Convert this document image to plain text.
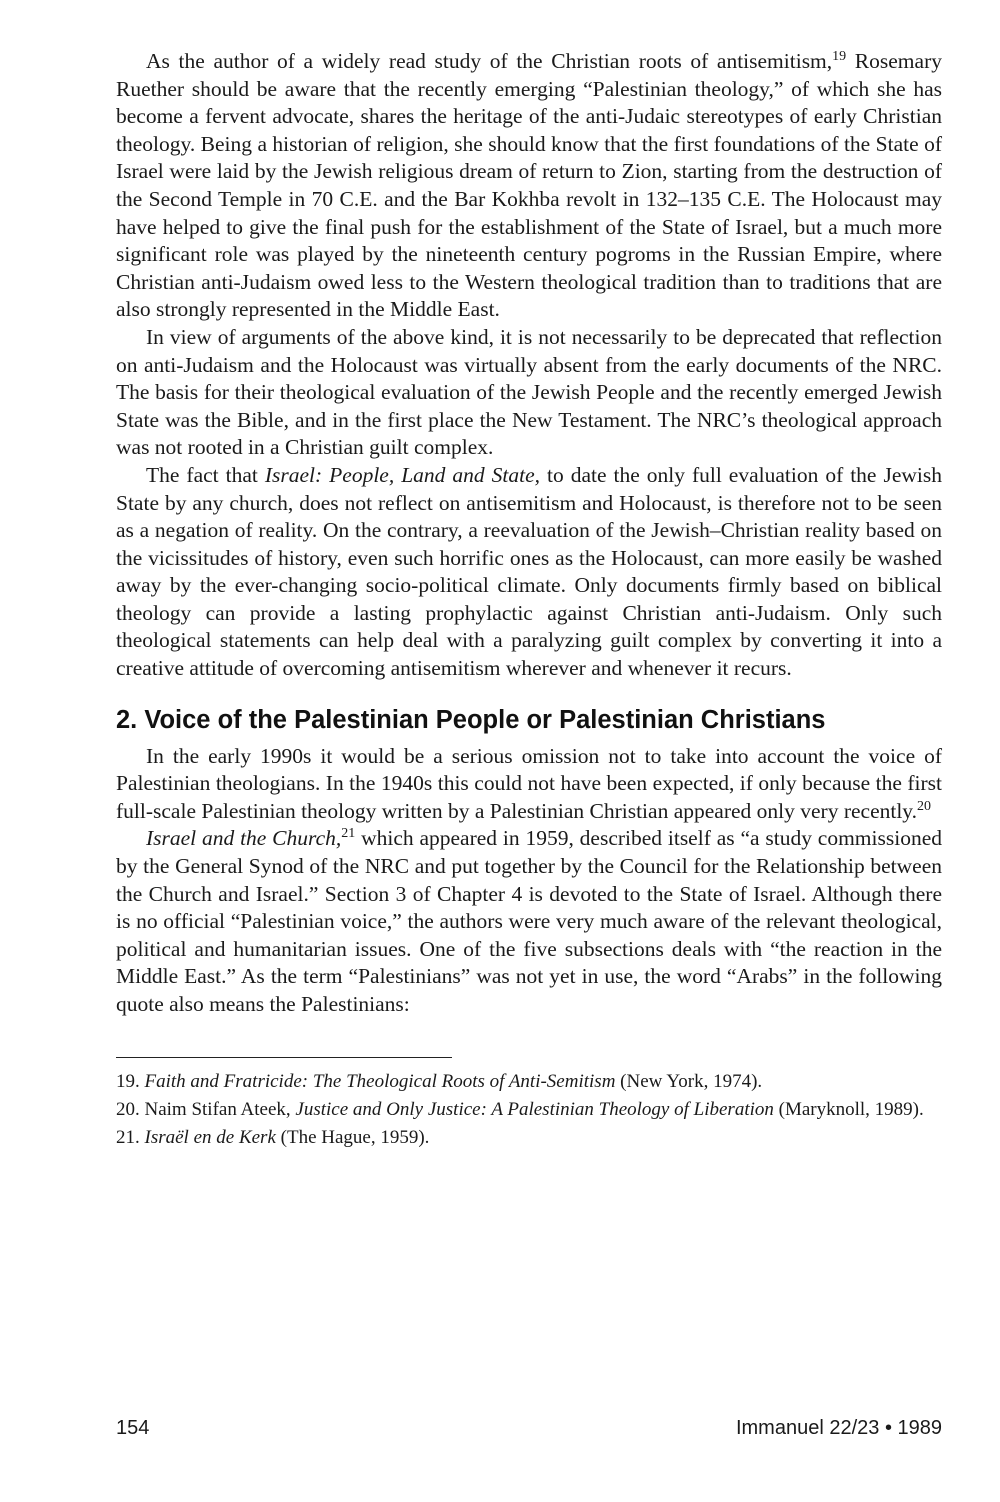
As the author of a widely read study of the Christian roots of antisemitism,$^{19}$ Rosemary Ruether should be aware that the recently emerging “Palestinian theology,” of which she has become a fervent advocate, shares the heritage of the anti-Judaic stereotypes of early Christian theology. Being a historian of religion, she should know that the first foundations of the State of Israel were laid by the Jewish religious dream of return to Zion, starting from the destruction of the Second Temple in 70 C.E. and the Bar Kokhba revolt in 132–135 C.E. The Holocaust may have helped to give the final push for the establishment of the State of Israel, but a much more significant role was played by the nineteenth century pogroms in the Russian Empire, where Christian anti-Judaism owed less to the Western theological tradition than to traditions that are also strongly represented in the Middle East.

In view of arguments of the above kind, it is not necessarily to be deprecated that reflection on anti-Judaism and the Holocaust was virtually absent from the early documents of the NRC. The basis for their theological evaluation of the Jewish People and the recently emerged Jewish State was the Bible, and in the first place the New Testament. The NRC’s theological approach was not rooted in a Christian guilt complex.

The fact that Israel: People, Land and State, to date the only full evaluation of the Jewish State by any church, does not reflect on antisemitism and Holocaust, is therefore not to be seen as a negation of reality. On the contrary, a reevaluation of the Jewish–Christian reality based on the vicissitudes of history, even such horrific ones as the Holocaust, can more easily be washed away by the ever-changing socio-political climate. Only documents firmly based on biblical theology can provide a lasting prophylactic against Christian anti-Judaism. Only such theological statements can help deal with a paralyzing guilt complex by converting it into a creative attitude of overcoming antisemitism wherever and whenever it recurs.

2. Voice of the Palestinian People or Palestinian Christians

In the early 1990s it would be a serious omission not to take into account the voice of Palestinian theologians. In the 1940s this could not have been expected, if only because the first full-scale Palestinian theology written by a Palestinian Christian appeared only very recently.$^{20}$

Israel and the Church,$^{21}$ which appeared in 1959, described itself as “a study commissioned by the General Synod of the NRC and put together by the Council for the Relationship between the Church and Israel.” Section 3 of Chapter 4 is devoted to the State of Israel. Although there is no official “Palestinian voice,” the authors were very much aware of the relevant theological, political and humanitarian issues. One of the five subsections deals with “the reaction in the Middle East.” As the term “Palestinians” was not yet in use, the word “Arabs” in the following quote also means the Palestinians:

19. Faith and Fratricide: The Theological Roots of Anti-Semitism (New York, 1974).

20. Naim Stifan Ateek, Justice and Only Justice: A Palestinian Theology of Liberation (Maryknoll, 1989).

21. Israël en de Kerk (The Hague, 1959).

154	Immanuel 22/23 • 1989
